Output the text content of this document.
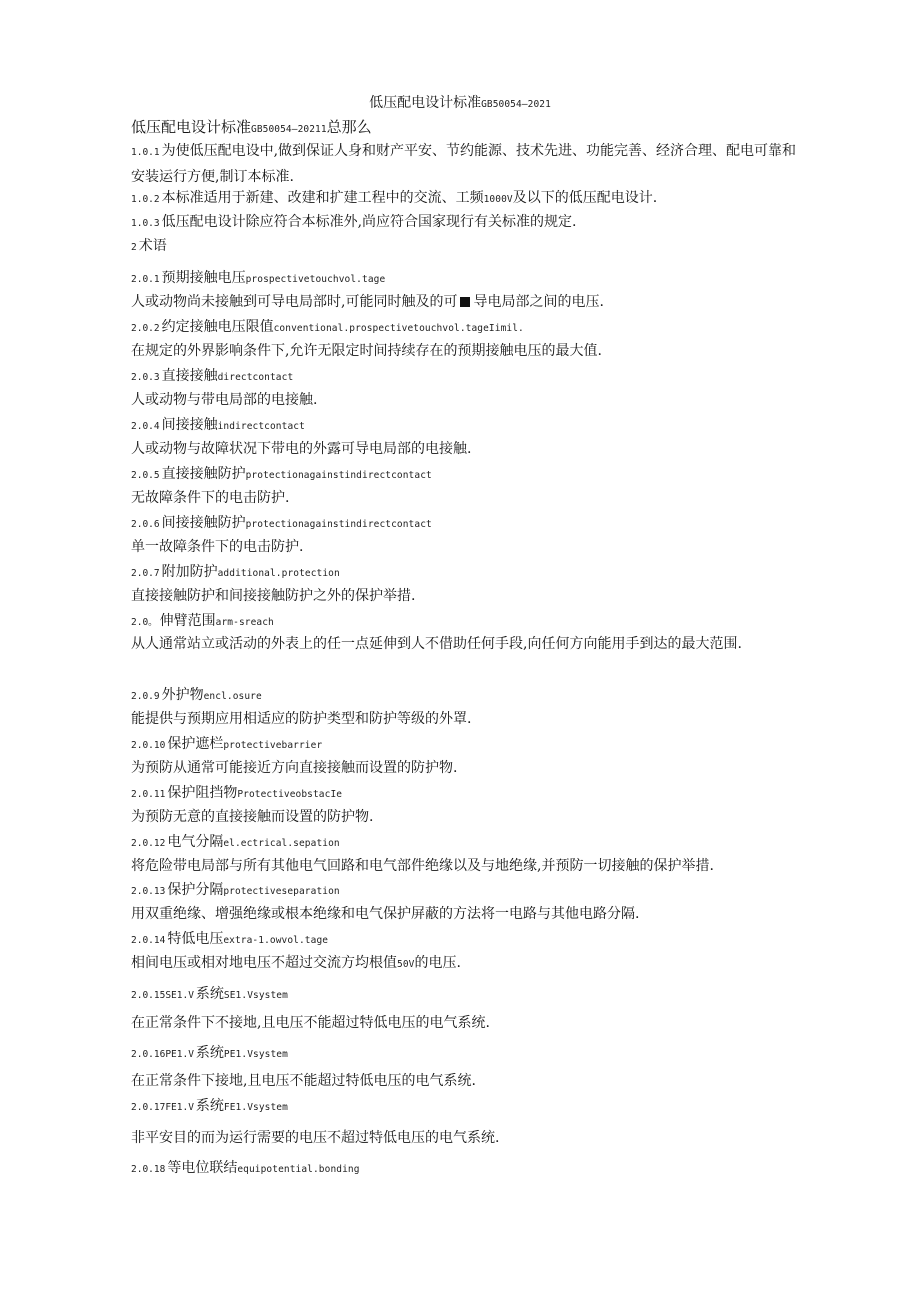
低压配电设计标准GB50054—2021
低压配电设计标准GB50054—20211总那么
1.0.1 为使低压配电设中,做到保证人身和财产平安、节约能源、技术先进、功能完善、经济合理、配电可靠和安装运行方便,制订本标准.
1.0.2 本标准适用于新建、改建和扩建工程中的交流、工频1000V及以下的低压配电设计.
1.0.3 低压配电设计除应符合本标准外,尚应符合国家现行有关标准的规定.
2 术语
2.0.1 预期接触电压prospectivetouchvol.tage
人或动物尚未接触到可导电局部时,可能同时触及的可 导电局部之间的电压.
2.0.2 约定接触电压限值conventional.prospectivetouchvol.tageIimil.
在规定的外界影响条件下,允许无限定时间持续存在的预期接触电压的最大值.
2.0.3 直接接触directcontact
人或动物与带电局部的电接触.
2.0.4 间接接触indirectcontact
人或动物与故障状况下带电的外露可导电局部的电接触.
2.0.5 直接接触防护protectionagainstindirectcontact
无故障条件下的电击防护.
2.0.6 间接接触防护protectionagainstindirectcontact
单一故障条件下的电击防护.
2.0.7 附加防护additional.protection
直接接触防护和间接接触防护之外的保护举措.
2.0。 伸臂范围arm-sreach
从人通常站立或活动的外表上的任一点延伸到人不借助任何手段,向任何方向能用手到达的最大范围.
2.0.9 外护物encl.osure
能提供与预期应用相适应的防护类型和防护等级的外罩.
2.0.10 保护遮栏protectivebarrier
为预防从通常可能接近方向直接接触而设置的防护物.
2.0.11 保护阻挡物ProtectiveobstacIe
为预防无意的直接接触而设置的防护物.
2.0.12 电气分隔el.ectrical.sepation
将危险带电局部与所有其他电气回路和电气部件绝缘以及与地绝缘,并预防一切接触的保护举措.
2.0.13 保护分隔protectiveseparation
用双重绝缘、增强绝缘或根本绝缘和电气保护屏蔽的方法将一电路与其他电路分隔.
2.0.14 特低电压extra-1.owvol.tage
相间电压或相对地电压不超过交流方均根值50V的电压.
2.0.15SE1.V 系统SE1.Vsystem
在正常条件下不接地,且电压不能超过特低电压的电气系统.
2.0.16PE1.V 系统PE1.Vsystem
在正常条件下接地,且电压不能超过特低电压的电气系统.
2.0.17FE1.V 系统FE1.Vsystem
非平安目的而为运行需要的电压不超过特低电压的电气系统.
2.0.18 等电位联结equipotential.bonding
